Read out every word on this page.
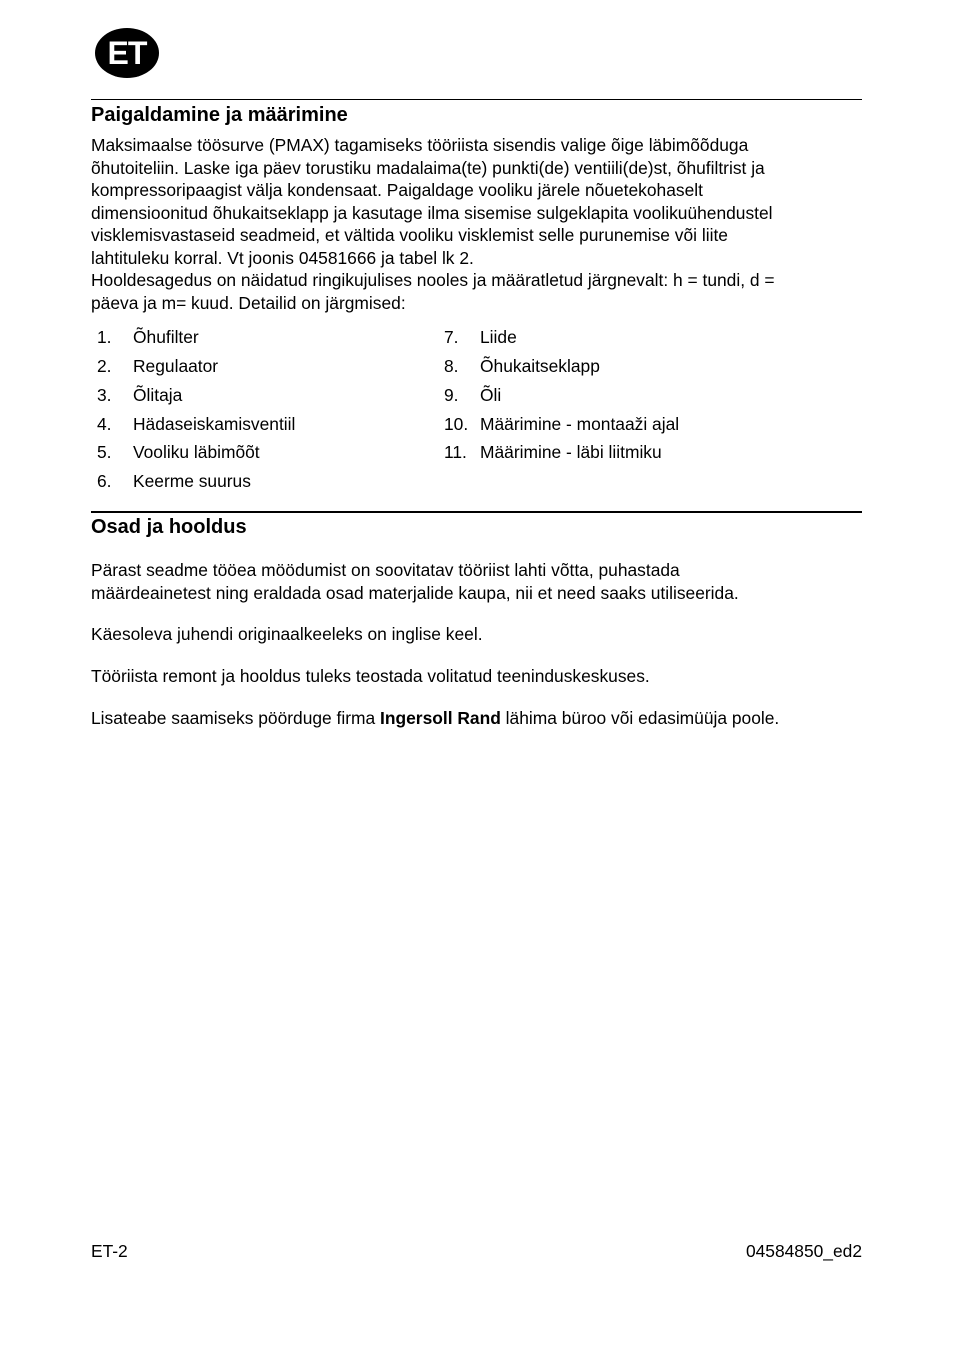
ET
Paigaldamine ja määrimine

Maksimaalse töösurve (PMAX) tagamiseks tööriista sisendis valige õige läbimõõduga
õhutoiteliin. Laske iga päev torustiku madalaima(te) punkti(de) ventiili(de)st, õhufiltrist ja
kompressoripaagist välja kondensaat. Paigaldage vooliku järele nõuetekohaselt
dimensioonitud õhukaitseklapp ja kasutage ilma sisemise sulgeklapita voolikuühendustel
visklemisvastaseid seadmeid, et vältida vooliku visklemist selle purunemise või liite
lahtituleku korral. Vt joonis 04581666 ja tabel lk 2.
Hooldesagedus on näidatud ringikujulises nooles ja määratletud järgnevalt: h = tundi, d =
päeva ja m= kuud. Detailid on järgmised:

1. Õhufilter
2. Regulaator
3. Õlitaja
4. Hädaseiskamisventiil
5. Vooliku läbimõõt
6. Keerme suurus
7. Liide
8. Õhukaitseklapp
9. Õli
10. Määrimine - montaaži ajal
11. Määrimine - läbi liitmiku
Osad ja hooldus

Pärast seadme tööea möödumist on soovitatav tööriist lahti võtta, puhastada
määrdeainetest ning eraldada osad materjalide kaupa, nii et need saaks utiliseerida.

Käesoleva juhendi originaalkeeleks on inglise keel.

Tööriista remont ja hooldus tuleks teostada volitatud teeninduskeskuses.

Lisateabe saamiseks pöörduge firma Ingersoll Rand lähima büroo või edasimüüja poole.

ET-2	04584850_ed2
